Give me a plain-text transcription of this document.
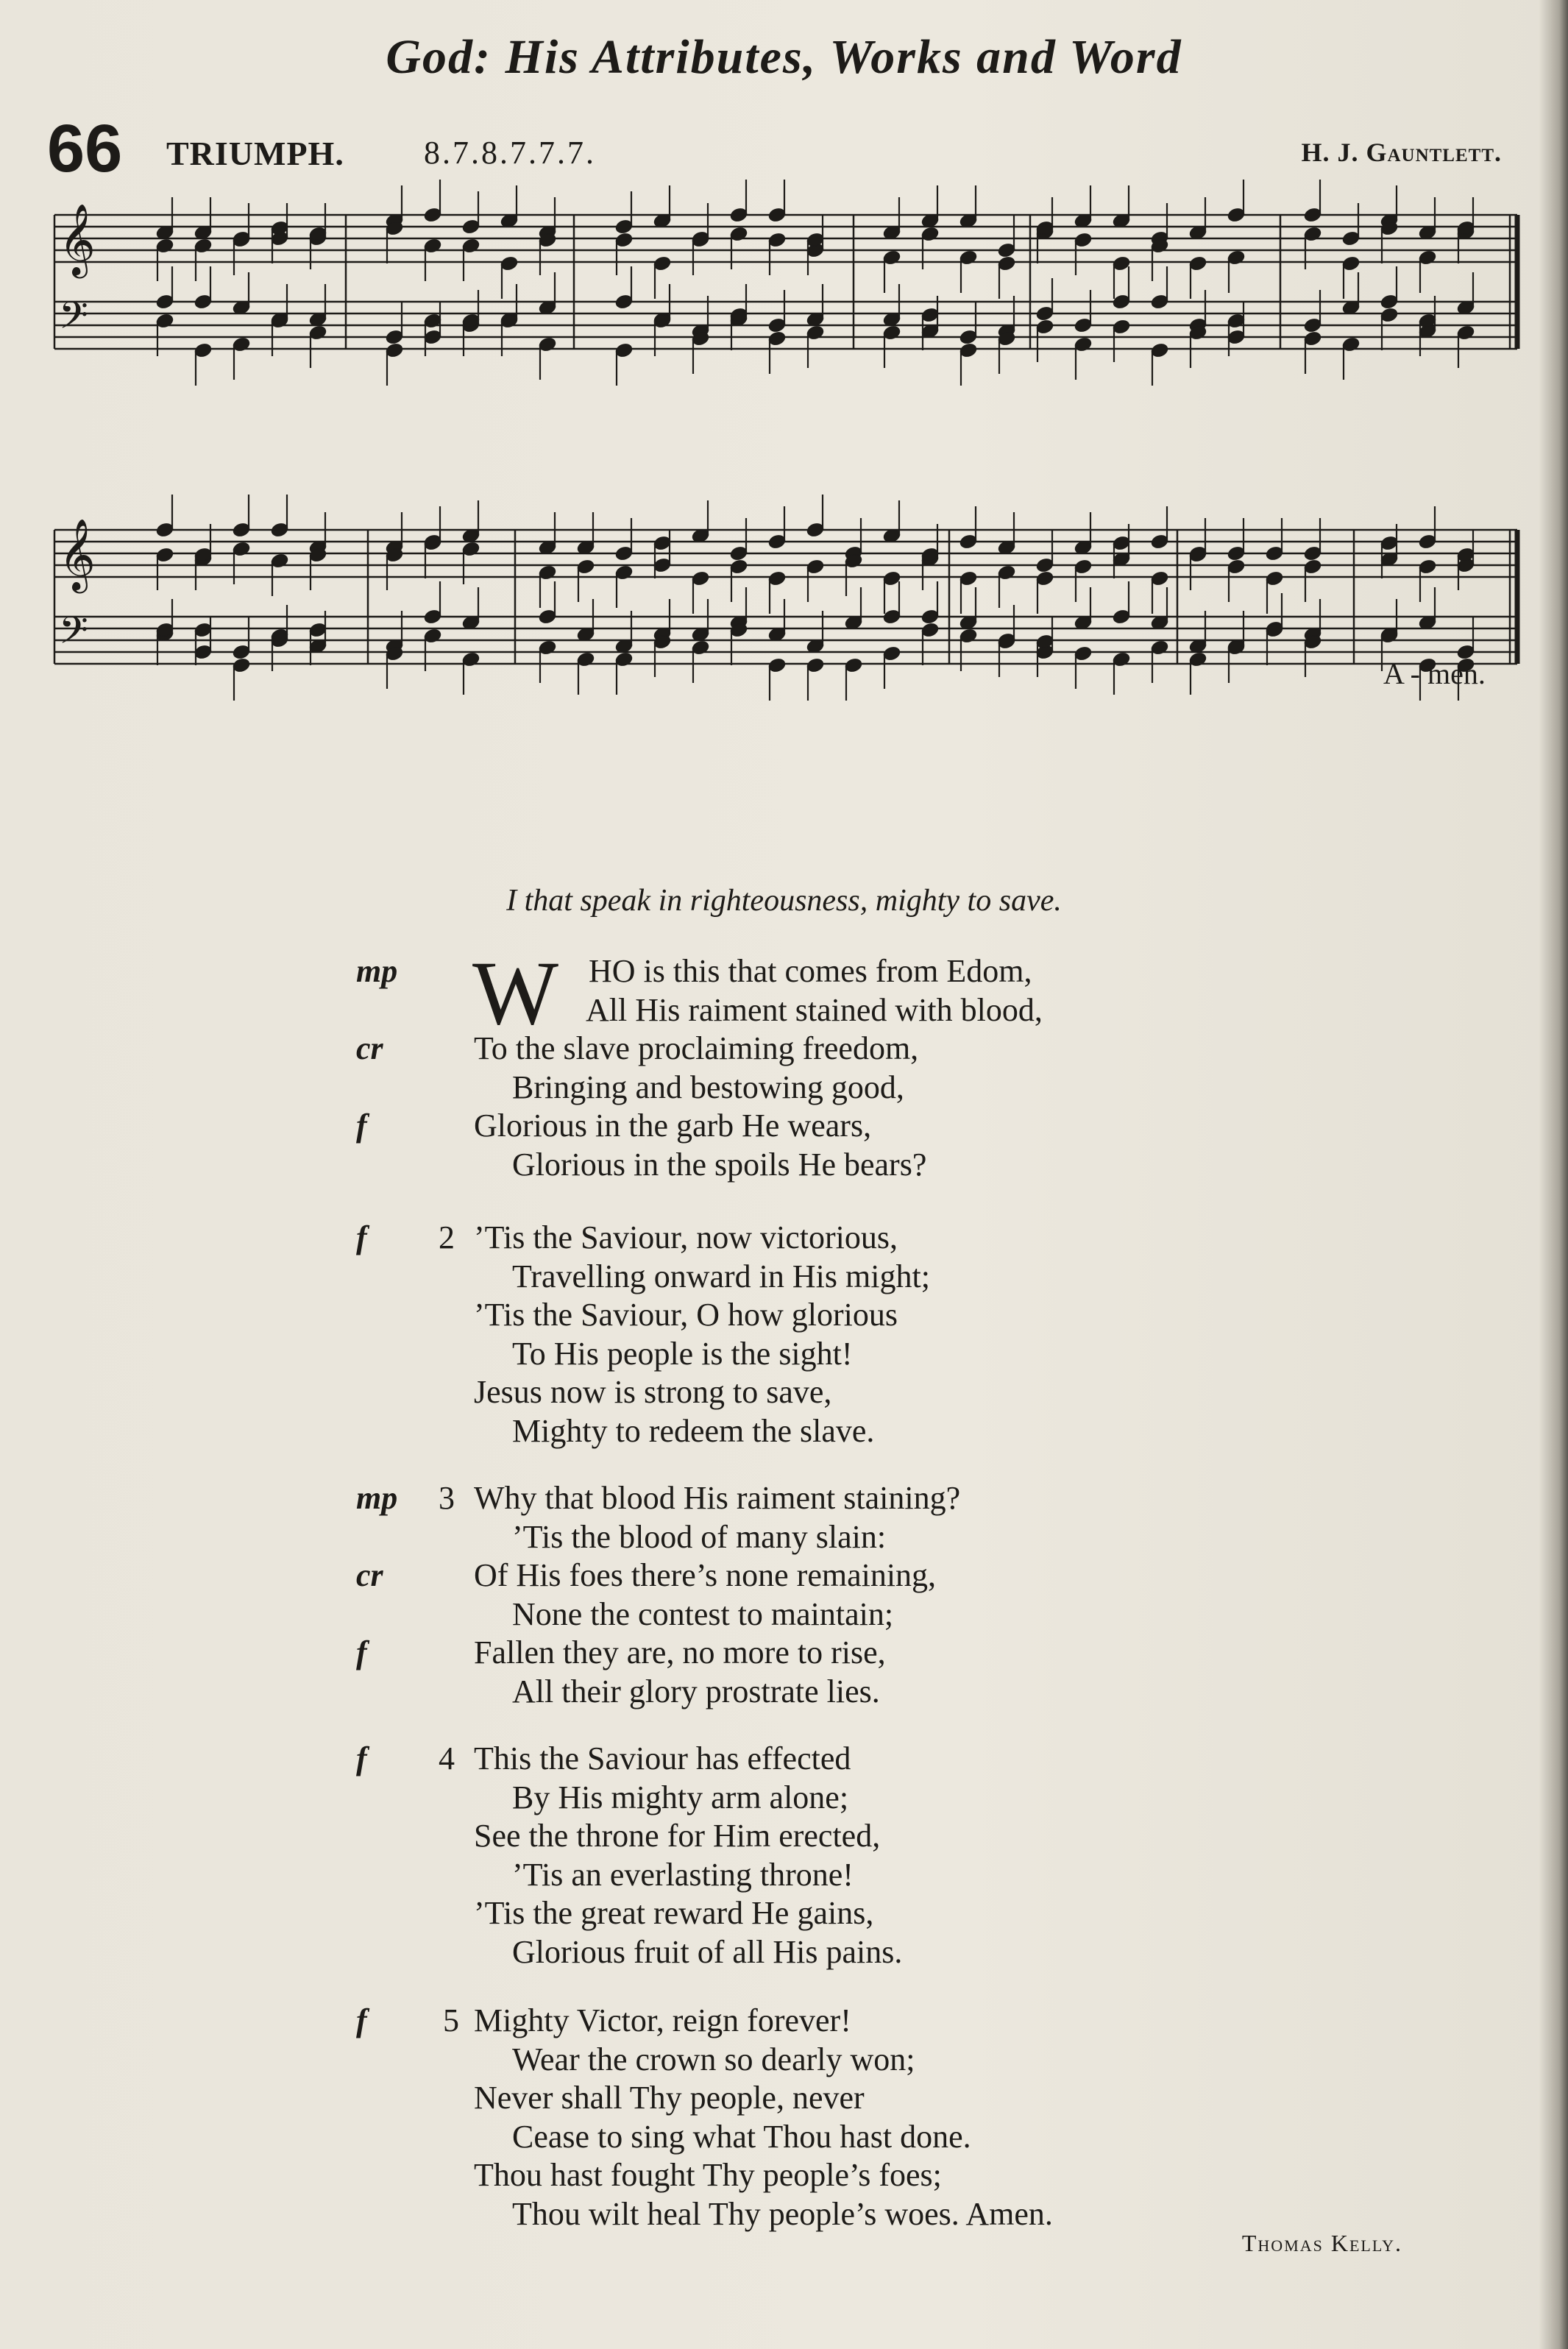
God: His Attributes, Works and Word
66 TRIUMPH. 8.7.8.7.7.7.	H. J. Gauntlett.
𝄞
𝄢
𝄞
𝄢
A - men.
I that speak in righteousness, mighty to save.
W
mp	HO is this that comes from Edom,
All His raiment stained with blood,
cr	To the slave proclaiming freedom,
Bringing and bestowing good,
f	Glorious in the garb He wears,
Glorious in the spoils He bears?
2
f	’Tis the Saviour, now victorious,
Travelling onward in His might;
’Tis the Saviour, O how glorious
To His people is the sight!
Jesus now is strong to save,
Mighty to redeem the slave.
3
mp Why that blood His raiment staining?
’Tis the blood of many slain:
cr	Of His foes there’s none remaining,
None the contest to maintain;
f	Fallen they are, no more to rise,
All their glory prostrate lies.
4
f	This the Saviour has effected
By His mighty arm alone;
See the throne for Him erected,
’Tis an everlasting throne!
’Tis the great reward He gains,
Glorious fruit of all His pains.
5
f	Mighty Victor, reign forever!
Wear the crown so dearly won;
Never shall Thy people, never
Cease to sing what Thou hast done.
Thou hast fought Thy people’s foes;
Thou wilt heal Thy people’s woes. Amen.
Thomas Kelly.
